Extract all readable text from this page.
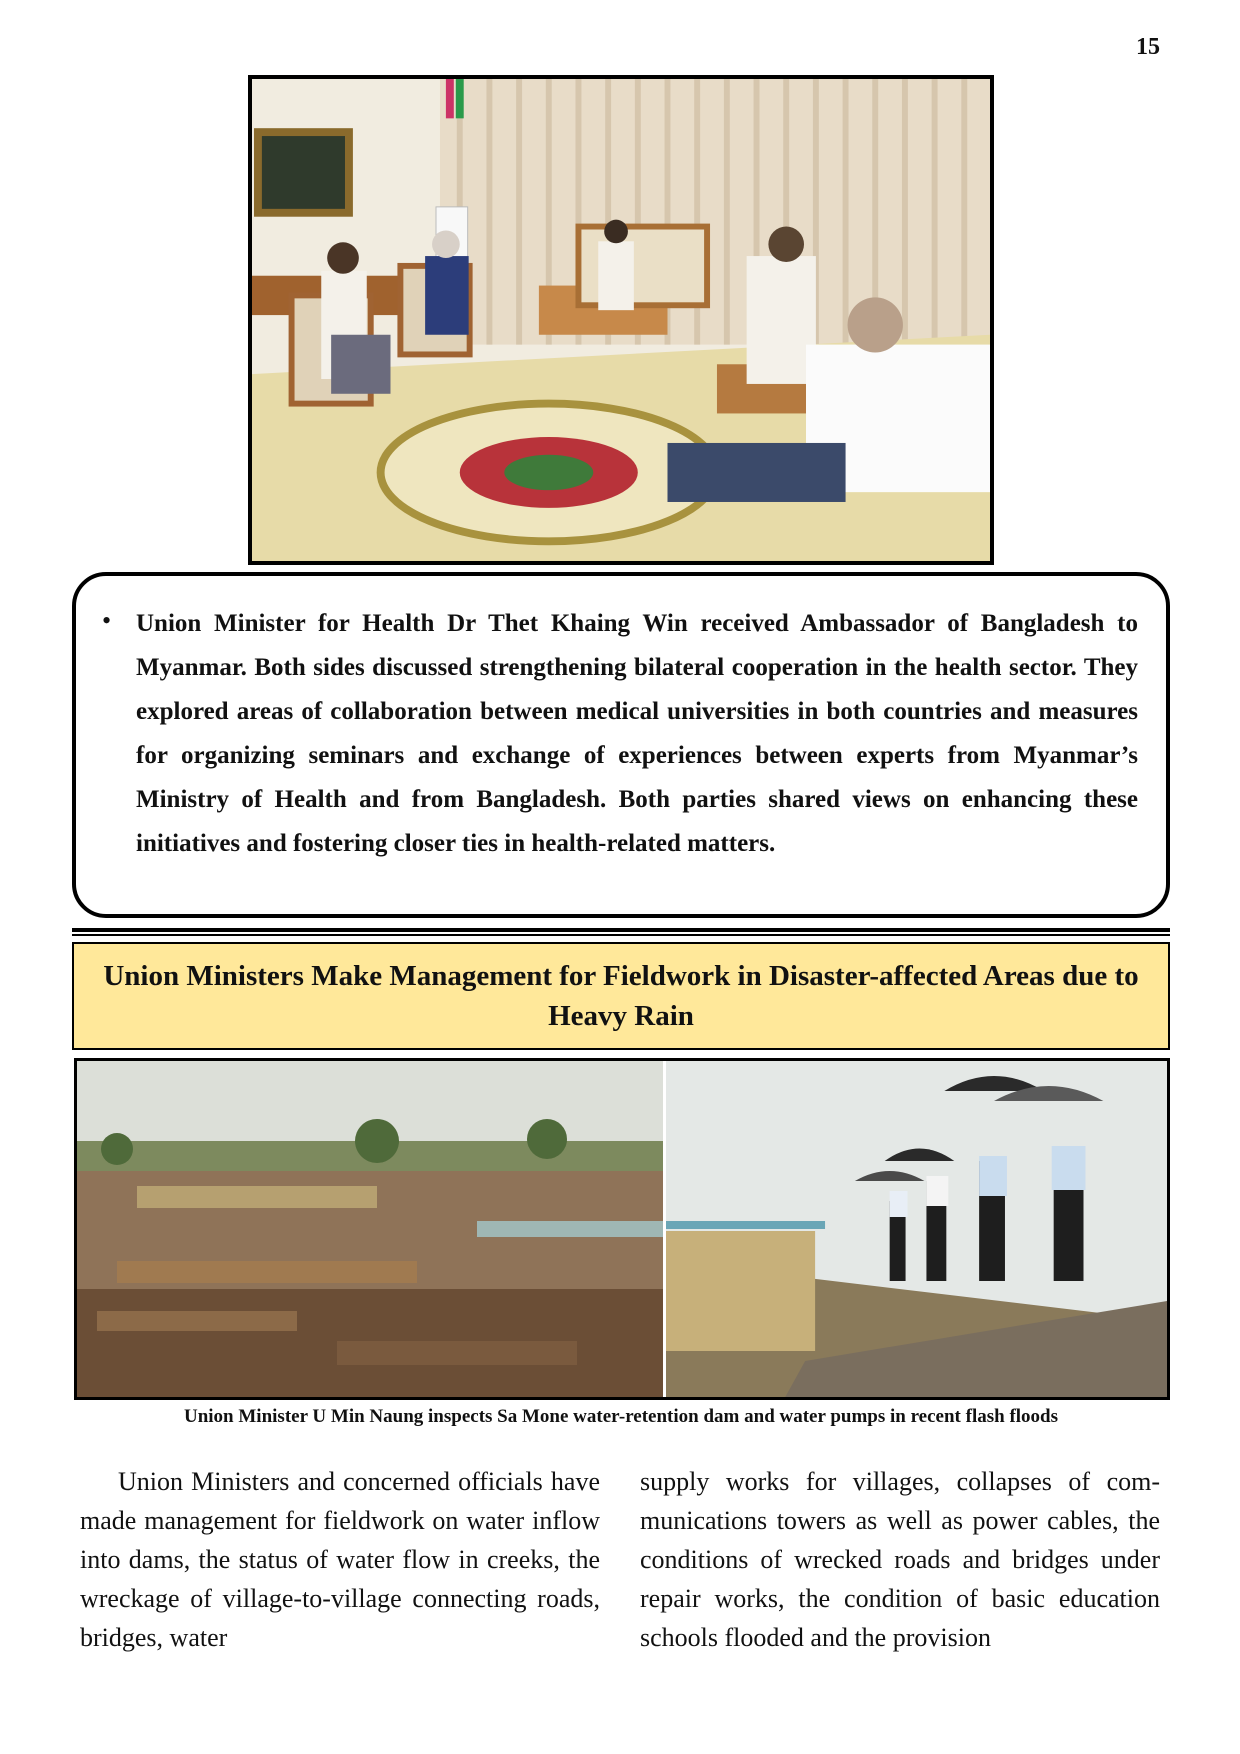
15
• Union Minister for Health Dr Thet Khaing Win received Ambassador of Bangladesh to Myanmar. Both sides discussed strengthening bilateral cooperation in the health sector. They explored areas of collaboration between medical universities in both countries and measures for organizing seminars and exchange of experiences between experts from Myanmar’s Ministry of Health and from Bangladesh. Both parties shared views on enhancing these initiatives and fostering closer ties in health-related matters.

Union Ministers Make Management for Fieldwork in Disaster-affected Areas due to Heavy Rain
Union Minister U Min Naung inspects Sa Mone water-retention dam and water pumps in recent flash floods

Union Ministers and concerned officials have made management for fieldwork on water inflow into dams, the status of water flow in creeks, the wreckage of village-to-village connecting roads, bridges, water

supply works for villages, collapses of com-munications towers as well as power cables, the conditions of wrecked roads and bridges under repair works, the condition of basic education schools flooded and the provision
